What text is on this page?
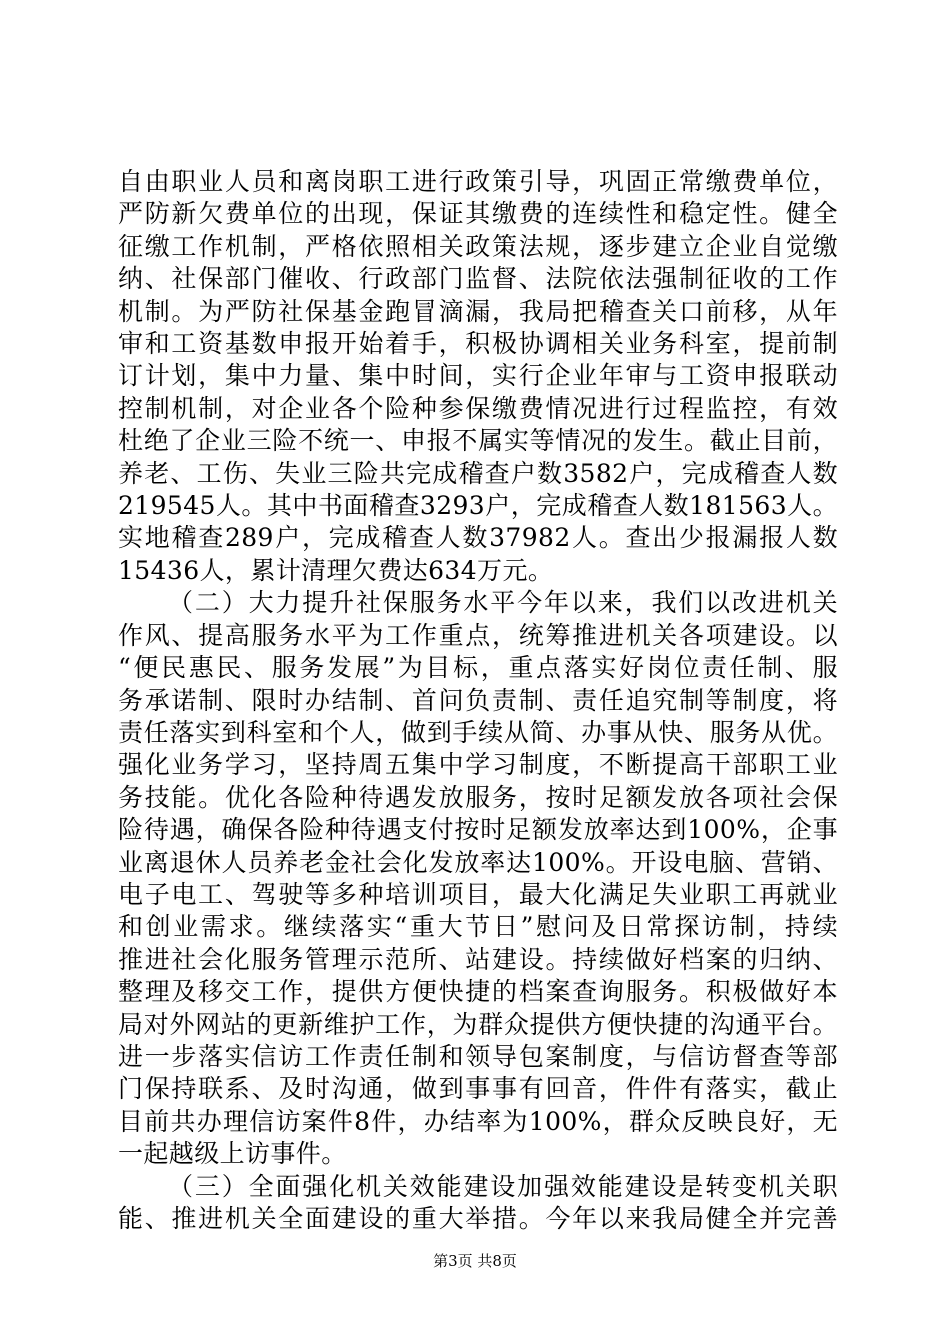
自由职业人员和离岗职工进行政策引导，巩固正常缴费单位，
严防新欠费单位的出现，保证其缴费的连续性和稳定性。健全
征缴工作机制，严格依照相关政策法规，逐步建立企业自觉缴
纳、社保部门催收、行政部门监督、法院依法强制征收的工作
机制。为严防社保基金跑冒滴漏，我局把稽查关口前移，从年
审和工资基数申报开始着手，积极协调相关业务科室，提前制
订计划，集中力量、集中时间，实行企业年审与工资申报联动
控制机制，对企业各个险种参保缴费情况进行过程监控，有效
杜绝了企业三险不统一、申报不属实等情况的发生。截止目前，
养老、工伤、失业三险共完成稽查户数3582户，完成稽查人数
219545人。其中书面稽查3293户，完成稽查人数181563人。
实地稽查289户，完成稽查人数37982人。查出少报漏报人数
15436人，累计清理欠费达634万元。
（二）大力提升社保服务水平今年以来，我们以改进机关
作风、提高服务水平为工作重点，统筹推进机关各项建设。以
“便民惠民、服务发展”为目标，重点落实好岗位责任制、服
务承诺制、限时办结制、首问负责制、责任追究制等制度，将
责任落实到科室和个人，做到手续从简、办事从快、服务从优。
强化业务学习，坚持周五集中学习制度，不断提高干部职工业
务技能。优化各险种待遇发放服务，按时足额发放各项社会保
险待遇，确保各险种待遇支付按时足额发放率达到100%，企事
业离退休人员养老金社会化发放率达100%。开设电脑、营销、
电子电工、驾驶等多种培训项目，最大化满足失业职工再就业
和创业需求。继续落实“重大节日”慰问及日常探访制，持续
推进社会化服务管理示范所、站建设。持续做好档案的归纳、
整理及移交工作，提供方便快捷的档案查询服务。积极做好本
局对外网站的更新维护工作，为群众提供方便快捷的沟通平台。
进一步落实信访工作责任制和领导包案制度，与信访督查等部
门保持联系、及时沟通，做到事事有回音，件件有落实，截止
目前共办理信访案件8件，办结率为100%，群众反映良好，无
一起越级上访事件。
（三）全面强化机关效能建设加强效能建设是转变机关职
能、推进机关全面建设的重大举措。今年以来我局健全并完善
第3页 共8页
